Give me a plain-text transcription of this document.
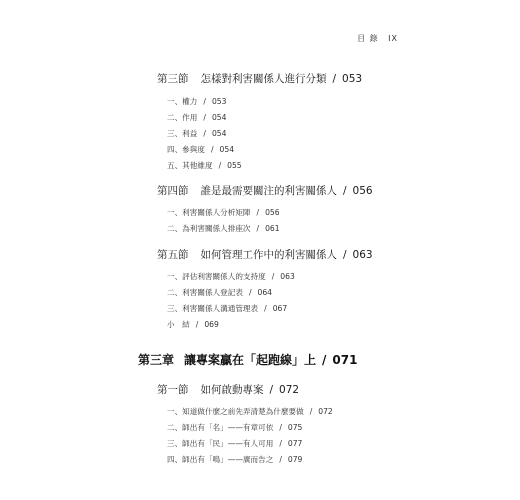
目 錄 IX
第三節 怎樣對利害關係人進行分類 / 053
一、權力 / 053
二、作用 / 054
三、利益 / 054
四、參與度 / 054
五、其他維度 / 055
第四節 誰是最需要關注的利害關係人 / 056
一、利害關係人分析矩陣 / 056
二、為利害關係人排座次 / 061
第五節 如何管理工作中的利害關係人 / 063
一、評估利害關係人的支持度 / 063
二、利害關係人登記表 / 064
三、利害關係人溝通管理表 / 067
小　結 / 069
第三章 讓專案贏在「起跑線」上 / 071
第一節 如何啟動專案 / 072
一、知道做什麼之前先弄清楚為什麼要做 / 072
二、師出有「名」——有章可依 / 075
三、師出有「民」——有人可用 / 077
四、師出有「鳴」——廣而告之 / 079
